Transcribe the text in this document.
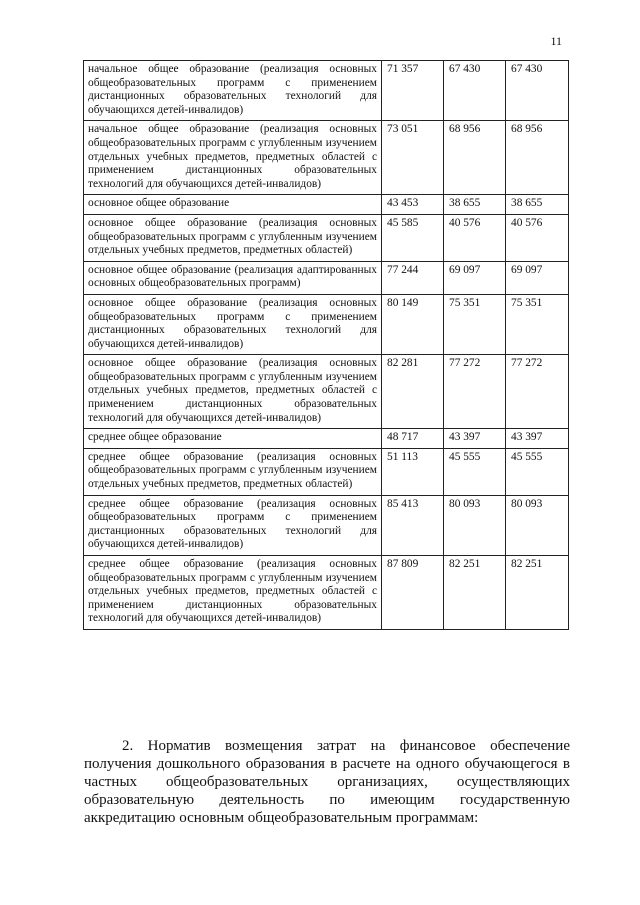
11
начальное общее образование (реализация основных общеобразовательных программ с применением дистанционных образовательных технологий для обучающихся детей-инвалидов)	71 357	67 430	67 430
начальное общее образование (реализация основных общеобразовательных программ с углубленным изучением отдельных учебных предметов, предметных областей с применением дистанционных образовательных технологий для обучающихся детей-инвалидов)	73 051	68 956	68 956
основное общее образование	43 453	38 655	38 655
основное общее образование (реализация основных общеобразовательных программ с углубленным изучением отдельных учебных предметов, предметных областей)	45 585	40 576	40 576
основное общее образование (реализация адаптированных основных общеобразовательных программ)	77 244	69 097	69 097
основное общее образование (реализация основных общеобразовательных программ с применением дистанционных образовательных технологий для обучающихся детей-инвалидов)	80 149	75 351	75 351
основное общее образование (реализация основных общеобразовательных программ с углубленным изучением отдельных учебных предметов, предметных областей с применением дистанционных образовательных технологий для обучающихся детей-инвалидов)	82 281	77 272	77 272
среднее общее образование	48 717	43 397	43 397
среднее общее образование (реализация основных общеобразовательных программ с углубленным изучением отдельных учебных предметов, предметных областей)	51 113	45 555	45 555
среднее общее образование (реализация основных общеобразовательных программ с применением дистанционных образовательных технологий для обучающихся детей-инвалидов)	85 413	80 093	80 093
среднее общее образование (реализация основных общеобразовательных программ с углубленным изучением отдельных учебных предметов, предметных областей с применением дистанционных образовательных технологий для обучающихся детей-инвалидов)	87 809	82 251	82 251

2. Норматив возмещения затрат на финансовое обеспечение получения дошкольного образования в расчете на одного обучающегося в частных общеобразовательных организациях, осуществляющих образовательную деятельность по имеющим государственную аккредитацию основным общеобразовательным программам:
